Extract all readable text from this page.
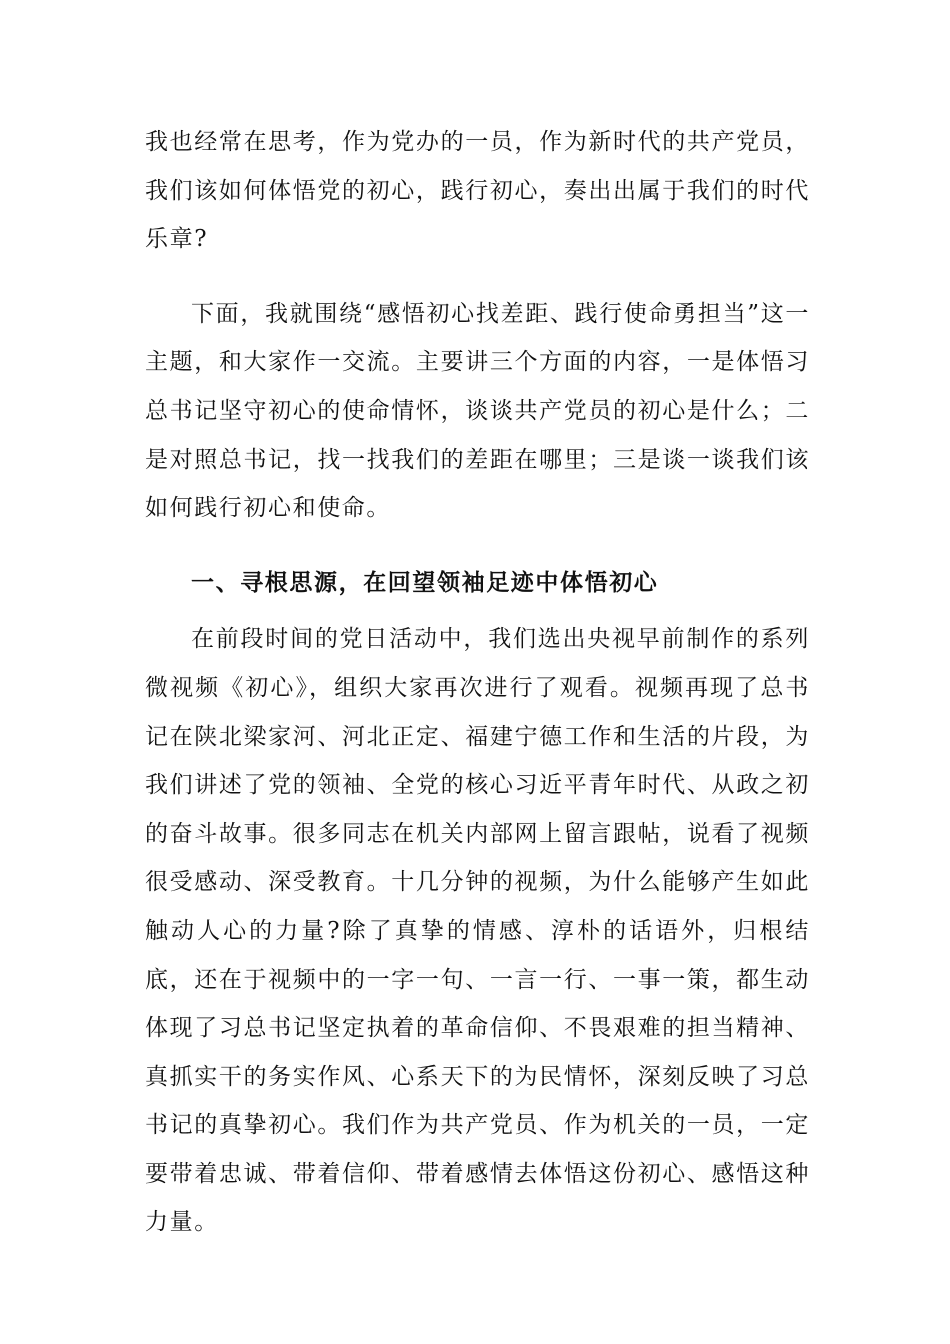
我也经常在思考，作为党办的一员，作为新时代的共产党员，我们该如何体悟党的初心，践行初心，奏出出属于我们的时代乐章?

下面，我就围绕“感悟初心找差距、践行使命勇担当”这一主题，和大家作一交流。主要讲三个方面的内容，一是体悟习总书记坚守初心的使命情怀，谈谈共产党员的初心是什么；二是对照总书记，找一找我们的差距在哪里；三是谈一谈我们该如何践行初心和使命。

一、寻根思源，在回望领袖足迹中体悟初心

在前段时间的党日活动中，我们选出央视早前制作的系列微视频《初心》，组织大家再次进行了观看。视频再现了总书记在陕北梁家河、河北正定、福建宁德工作和生活的片段，为我们讲述了党的领袖、全党的核心习近平青年时代、从政之初的奋斗故事。很多同志在机关内部网上留言跟帖，说看了视频很受感动、深受教育。十几分钟的视频，为什么能够产生如此触动人心的力量?除了真挚的情感、淳朴的话语外，归根结底，还在于视频中的一字一句、一言一行、一事一策，都生动体现了习总书记坚定执着的革命信仰、不畏艰难的担当精神、真抓实干的务实作风、心系天下的为民情怀，深刻反映了习总书记的真挚初心。我们作为共产党员、作为机关的一员，一定要带着忠诚、带着信仰、带着感情去体悟这份初心、感悟这种力量。
